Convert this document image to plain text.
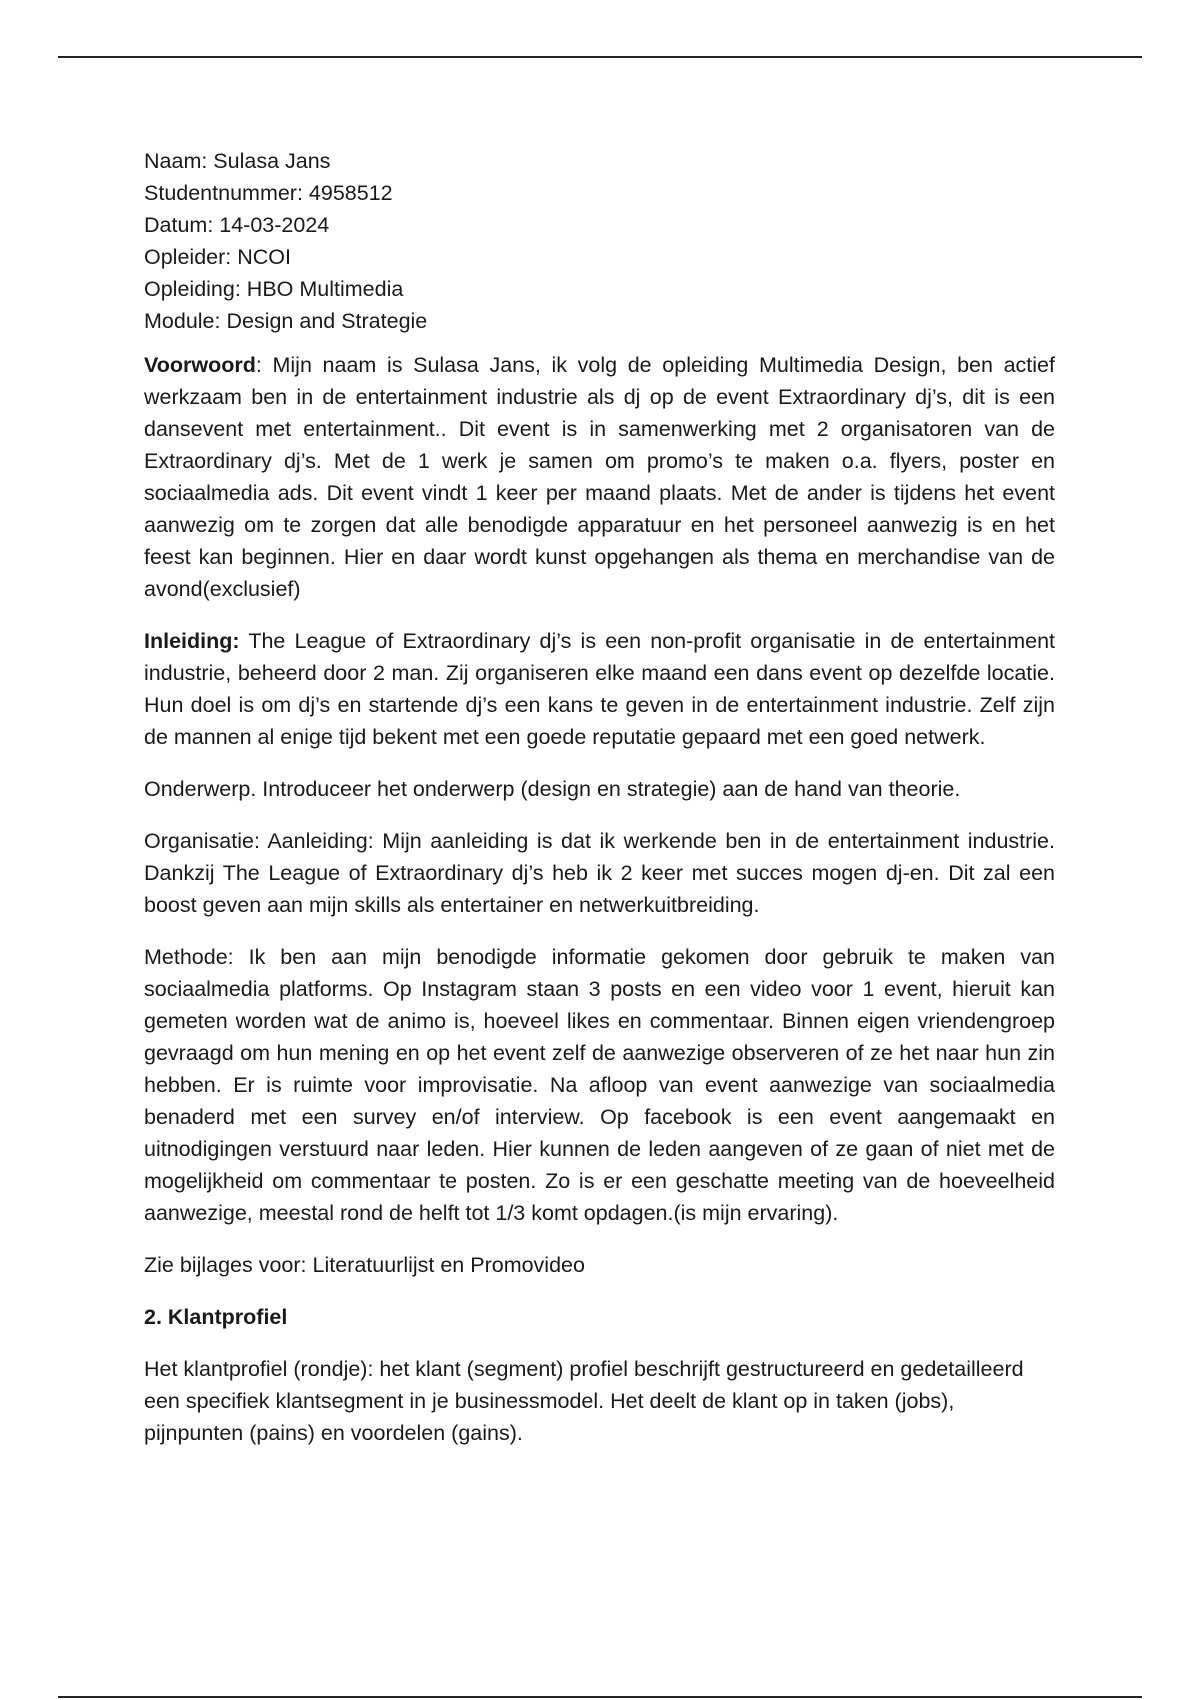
Naam: Sulasa Jans
Studentnummer: 4958512
Datum: 14-03-2024
Opleider: NCOI
Opleiding: HBO Multimedia
Module: Design and Strategie

Voorwoord: Mijn naam is Sulasa Jans, ik volg de opleiding Multimedia Design, ben actief werkzaam ben in de entertainment industrie als dj op de event Extraordinary dj’s, dit is een dansevent met entertainment.. Dit event is in samenwerking met 2 organisatoren van de Extraordinary dj’s. Met de 1 werk je samen om promo’s te maken o.a. flyers, poster en sociaalmedia ads. Dit event vindt 1 keer per maand plaats. Met de ander is tijdens het event aanwezig om te zorgen dat alle benodigde apparatuur en het personeel aanwezig is en het feest kan beginnen. Hier en daar wordt kunst opgehangen als thema en merchandise van de avond(exclusief)

Inleiding: The League of Extraordinary dj’s is een non-profit organisatie in de entertainment industrie, beheerd door 2 man. Zij organiseren elke maand een dans event op dezelfde locatie. Hun doel is om dj’s en startende dj’s een kans te geven in de entertainment industrie. Zelf zijn de mannen al enige tijd bekent met een goede reputatie gepaard met een goed netwerk.

Onderwerp. Introduceer het onderwerp (design en strategie) aan de hand van theorie.

Organisatie: Aanleiding: Mijn aanleiding is dat ik werkende ben in de entertainment industrie. Dankzij The League of Extraordinary dj’s heb ik 2 keer met succes mogen dj-en. Dit zal een boost geven aan mijn skills als entertainer en netwerkuitbreiding.

Methode: Ik ben aan mijn benodigde informatie gekomen door gebruik te maken van sociaalmedia platforms. Op Instagram staan 3 posts en een video voor 1 event, hieruit kan gemeten worden wat de animo is, hoeveel likes en commentaar. Binnen eigen vriendengroep gevraagd om hun mening en op het event zelf de aanwezige observeren of ze het naar hun zin hebben. Er is ruimte voor improvisatie. Na afloop van event aanwezige van sociaalmedia benaderd met een survey en/of interview. Op facebook is een event aangemaakt en uitnodigingen verstuurd naar leden. Hier kunnen de leden aangeven of ze gaan of niet met de mogelijkheid om commentaar te posten. Zo is er een geschatte meeting van de hoeveelheid aanwezige, meestal rond de helft tot 1/3 komt opdagen.(is mijn ervaring).

Zie bijlages voor: Literatuurlijst en Promovideo

2. Klantprofiel

Het klantprofiel (rondje): het klant (segment) profiel beschrijft gestructureerd en gedetailleerd een specifiek klantsegment in je businessmodel. Het deelt de klant op in taken (jobs), pijnpunten (pains) en voordelen (gains).
